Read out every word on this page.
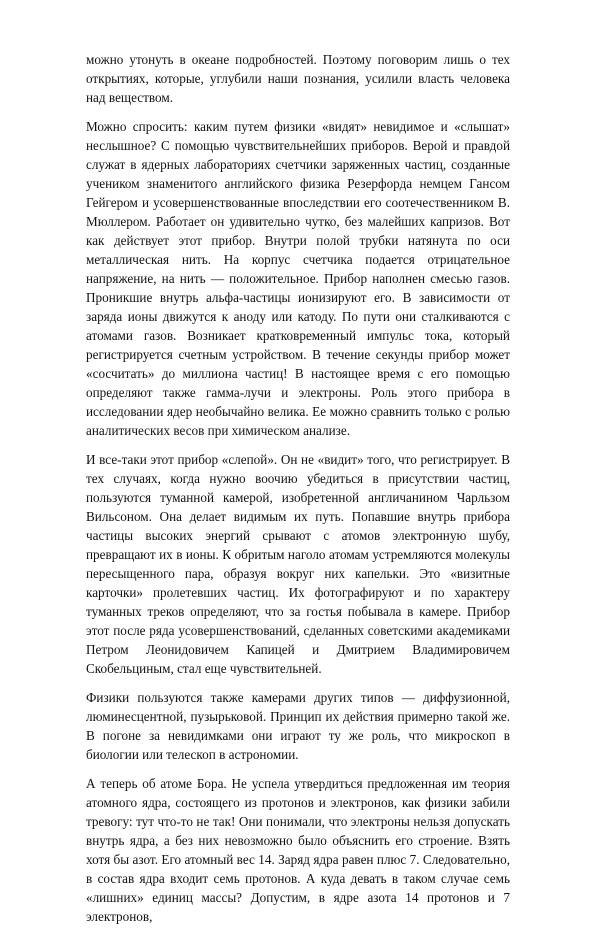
можно утонуть в океане подробностей. Поэтому поговорим лишь о тех открытиях, которые, углубили наши познания, усилили власть человека над веществом.

Можно спросить: каким путем физики «видят» невидимое и «слышат» неслышное? С помощью чувствительнейших приборов. Верой и правдой служат в ядерных лабораториях счетчики заряженных частиц, созданные учеником знаменитого английского физика Резерфорда немцем Гансом Гейгером и усовершенствованные впоследствии его соотечественником В. Мюллером. Работает он удивительно чутко, без малейших капризов. Вот как действует этот прибор. Внутри полой трубки натянута по оси металлическая нить. На корпус счетчика подается отрицательное напряжение, на нить — положительное. Прибор наполнен смесью газов. Проникшие внутрь альфа-частицы ионизируют его. В зависимости от заряда ионы движутся к аноду или катоду. По пути они сталкиваются с атомами газов. Возникает кратковременный импульс тока, который регистрируется счетным устройством. В течение секунды прибор может «сосчитать» до миллиона частиц! В настоящее время с его помощью определяют также гамма-лучи и электроны. Роль этого прибора в исследовании ядер необычайно велика. Ее можно сравнить только с ролью аналитических весов при химическом анализе.

И все-таки этот прибор «слепой». Он не «видит» того, что регистрирует. В тех случаях, когда нужно воочию убедиться в присутствии частиц, пользуются туманной камерой, изобретенной англичанином Чарльзом Вильсоном. Она делает видимым их путь. Попавшие внутрь прибора частицы высоких энергий срывают с атомов электронную шубу, превращают их в ионы. К обритым наголо атомам устремляются молекулы пересыщенного пара, образуя вокруг них капельки. Это «визитные карточки» пролетевших частиц. Их фотографируют и по характеру туманных треков определяют, что за гостья побывала в камере. Прибор этот после ряда усовершенствований, сделанных советскими академиками Петром Леонидовичем Капицей и Дмитрием Владимировичем Скобельциным, стал еще чувствительней.

Физики пользуются также камерами других типов — диффузионной, люминесцентной, пузырьковой. Принцип их действия примерно такой же. В погоне за невидимками они играют ту же роль, что микроскоп в биологии или телескоп в астрономии.

А теперь об атоме Бора. Не успела утвердиться предложенная им теория атомного ядра, состоящего из протонов и электронов, как физики забили тревогу: тут что-то не так! Они понимали, что электроны нельзя допускать внутрь ядра, а без них невозможно было объяснить его строение. Взять хотя бы азот. Его атомный вес 14. Заряд ядра равен плюс 7. Следовательно, в состав ядра входит семь протонов. А куда девать в таком случае семь «лишних» единиц массы? Допустим, в ядре азота 14 протонов и 7 электронов,
